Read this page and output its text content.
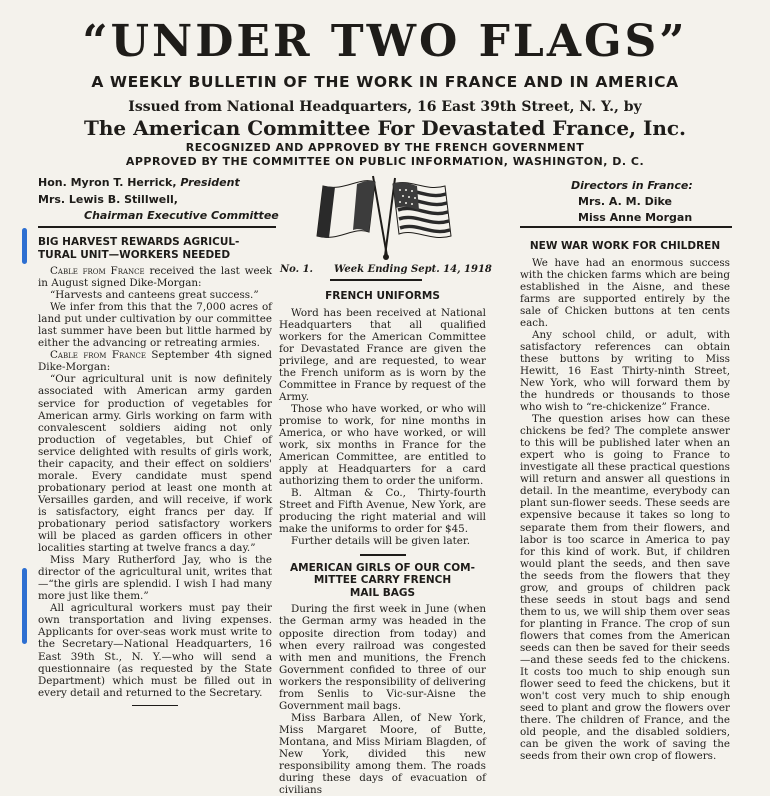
“UNDER TWO FLAGS”
A WEEKLY BULLETIN OF THE WORK IN FRANCE AND IN AMERICA
Issued from National Headquarters, 16 East 39th Street, N. Y., by
The American Committee For Devastated France, Inc.
RECOGNIZED AND APPROVED BY THE FRENCH GOVERNMENT
APPROVED BY THE COMMITTEE ON PUBLIC INFORMATION, WASHINGTON, D. C.
Hon. Myron T. Herrick, President
Mrs. Lewis B. Stillwell,
Chairman Executive Committee
Directors in France:
Mrs. A. M. Dike
Miss Anne Morgan
No. 1. Week Ending Sept. 14, 1918
BIG HARVEST REWARDS AGRICUL-
TURAL UNIT—WORKERS NEEDED

Cable from France received the last week in August signed Dike-Morgan:

“Harvests and canteens great success.”

We infer from this that the 7,000 acres of land put under cultivation by our committee last summer have been but little harmed by either the advancing or retreating armies.

Cable from France September 4th signed Dike-Morgan:

“Our agricultural unit is now definitely associated with American army garden service for production of vegetables for American army. Girls working on farm with convalescent soldiers aiding not only production of vegetables, but Chief of service delighted with results of girls work, their capacity, and their effect on soldiers' morale. Every candidate must spend probationary period at least one month at Versailles garden, and will receive, if work is satisfactory, eight francs per day. If probationary period satisfactory workers will be placed as garden officers in other localities starting at twelve francs a day.”

Miss Mary Rutherford Jay, who is the director of the agricultural unit, writes that—“the girls are splendid. I wish I had many more just like them.”

All agricultural workers must pay their own transportation and living expenses. Applicants for over-seas work must write to the Secretary—National Headquarters, 16 East 39th St., N. Y.—who will send a questionnaire (as requested by the State Department) which must be filled out in every detail and returned to the Secretary.

FRENCH UNIFORMS

Word has been received at National Headquarters that all qualified workers for the American Committee for Devastated France are given the privilege, and are requested, to wear the French uniform as is worn by the Committee in France by request of the Army.

Those who have worked, or who will promise to work, for nine months in America, or who have worked, or will work, six months in France for the American Committee, are entitled to apply at Headquarters for a card authorizing them to order the uniform.

B. Altman & Co., Thirty-fourth Street and Fifth Avenue, New York, are producing the right material and will make the uniforms to order for $45.

Further details will be given later.

AMERICAN GIRLS OF OUR COM-
MITTEE CARRY FRENCH
MAIL BAGS

During the first week in June (when the German army was headed in the opposite direction from today) and when every railroad was congested with men and munitions, the French Government confided to three of our workers the responsibility of delivering from Senlis to Vic-sur-Aisne the Government mail bags.

Miss Barbara Allen, of New York, Miss Margaret Moore, of Butte, Montana, and Miss Miriam Blagden, of New York, divided this new responsibility among them. The roads during these days of evacuation of civilians

NEW WAR WORK FOR CHILDREN

We have had an enormous success with the chicken farms which are being established in the Aisne, and these farms are supported entirely by the sale of Chicken buttons at ten cents each.

Any school child, or adult, with satisfactory references can obtain these buttons by writing to Miss Hewitt, 16 East Thirty-ninth Street, New York, who will forward them by the hundreds or thousands to those who wish to “re-chickenize” France.

The question arises how can these chickens be fed? The complete answer to this will be published later when an expert who is going to France to investigate all these practical questions will return and answer all questions in detail. In the meantime, everybody can plant sun-flower seeds. These seeds are expensive because it takes so long to separate them from their flowers, and labor is too scarce in America to pay for this kind of work. But, if children would plant the seeds, and then save the seeds from the flowers that they grow, and groups of children pack these seeds in stout bags and send them to us, we will ship them over seas for planting in France. The crop of sun flowers that comes from the American seeds can then be saved for their seeds—and these seeds fed to the chickens. It costs too much to ship enough sun flower seed to feed the chickens, but it won't cost very much to ship enough seed to plant and grow the flowers over there. The children of France, and the old people, and the disabled soldiers, can be given the work of saving the seeds from their own crop of flowers.
